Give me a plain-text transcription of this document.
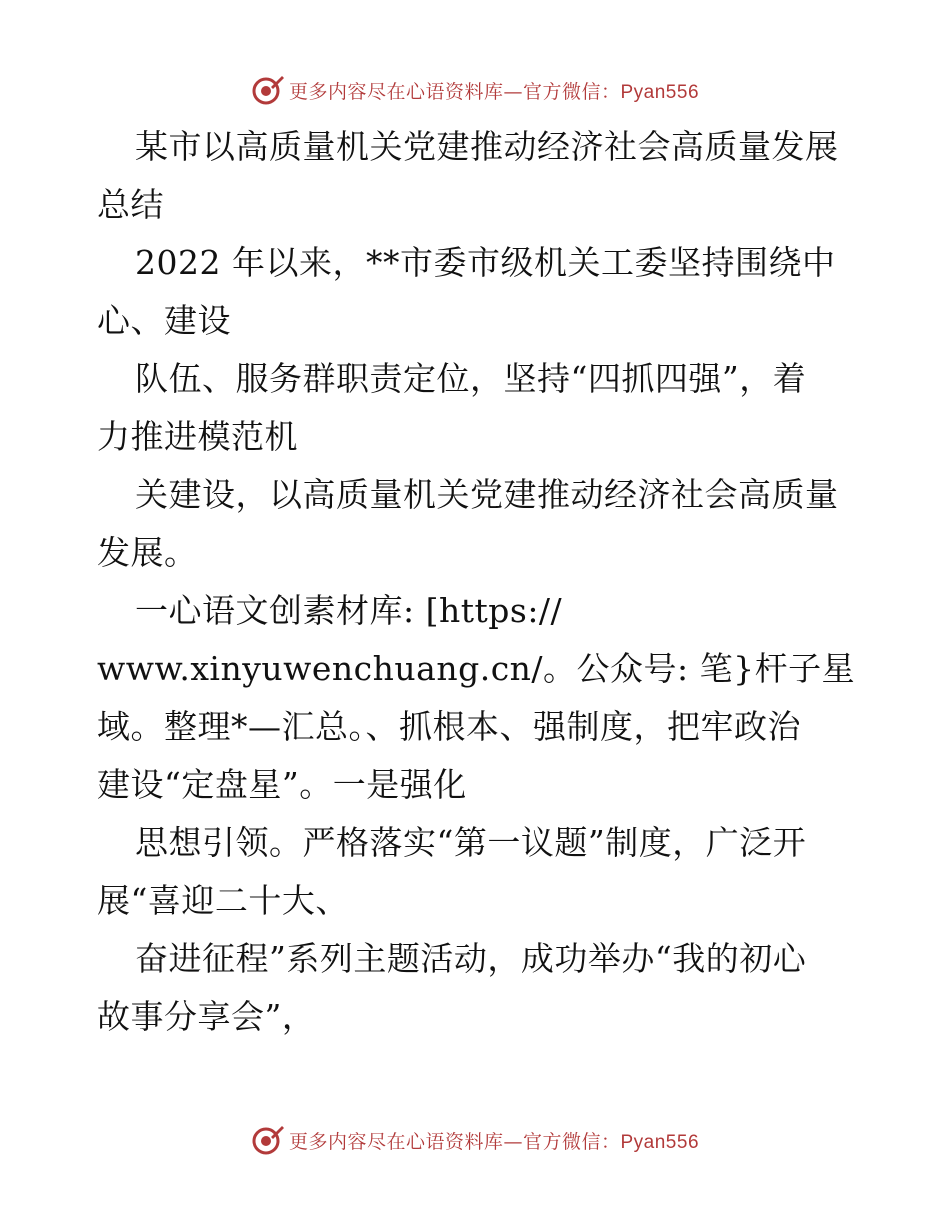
更多内容尽在心语资料库—官方微信：Pyan556
某市以高质量机关党建推动经济社会高质量发展
总结
2022 年以来，**市委市级机关工委坚持围绕中
心、建设
队伍、服务群职责定位，坚持“四抓四强”，着
力推进模范机
关建设，以高质量机关党建推动经济社会高质量
发展。
一心语文创素材库: [https://
www.xinyuwenchuang.cn/。公众号: 笔}杆子星
域。整理*—汇总。、抓根本、强制度，把牢政治
建设“定盘星”。一是强化
思想引领。严格落实“第一议题”制度，广泛开
展“喜迎二十大、
奋进征程”系列主题活动，成功举办“我的初心
故事分享会”，
更多内容尽在心语资料库—官方微信：Pyan556
